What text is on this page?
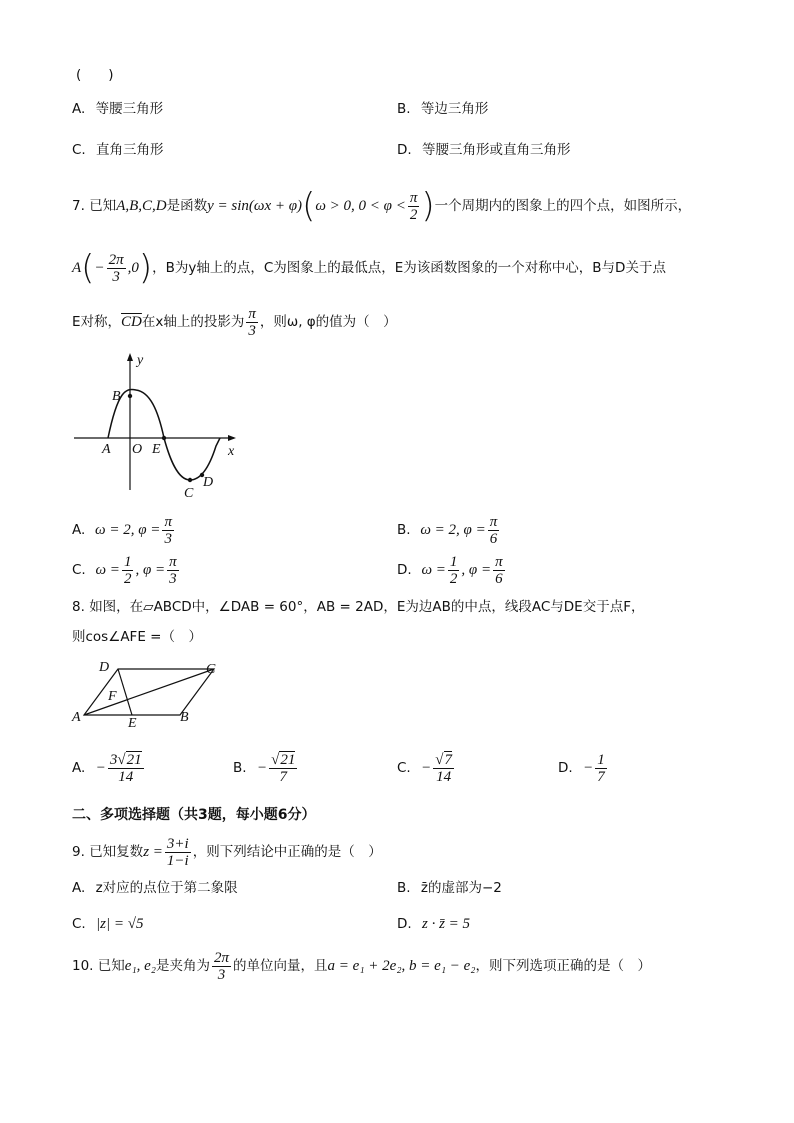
(　　)
A. 等腰三角形	B. 等边三角形
C. 直角三角形	D. 等腰三角形或直角三角形
7. 已知A,B,C,D是函数y = sin(ωx + φ)(ω > 0, $0 < \varphi < \frac{\pi}{2}$ )一个周期内的图象上的四个点，如图所示，
$A(- \frac{2\pi}{3} ,0)$，B为y轴上的点，C为图象上的最低点，E为该函数图象的一个对称中心，B与D关于点
E对称，$\overline{CD}$在x轴上的投影为 $\frac{\pi}{3}$ ，则ω, φ的值为（　）
y
x
A O E
B
C
D
A. ω = 2, $\varphi = \frac{\pi}{3}$	B. ω = 2, $\varphi = \frac{\pi}{6}$
C. $\omega = \frac{1}{2}$ , $\varphi = \frac{\pi}{3}$	D. $\omega = \frac{1}{2}$ , $\varphi = \frac{\pi}{6}$
8. 如图，在▱ABCD中，∠DAB = 60°，AB = 2AD，E为边AB的中点，线段AC与DE交于点F，
则cos∠AFE =（　）
A	B
C
D
E
F
A. − $\frac{3√21}{14}$	B. − $\frac{√21}{7}$	C. − $\frac{√7}{14}$	D. − $\frac{1}{7}$
二、多项选择题（共3题，每小题6分）
9. 已知复数$z = \frac{3+i}{1-i}$ ，则下列结论中正确的是（　）
A. z对应的点位于第二象限	B. z̄的虚部为−2
C. |z| = √5	D. z · z̄ = 5
10. 已知e₁, e₂是夹角为 $\frac{2\pi}{3}$ 的单位向量，且a = e₁ + 2e₂, b = e₁ − e₂，则下列选项正确的是（　）
